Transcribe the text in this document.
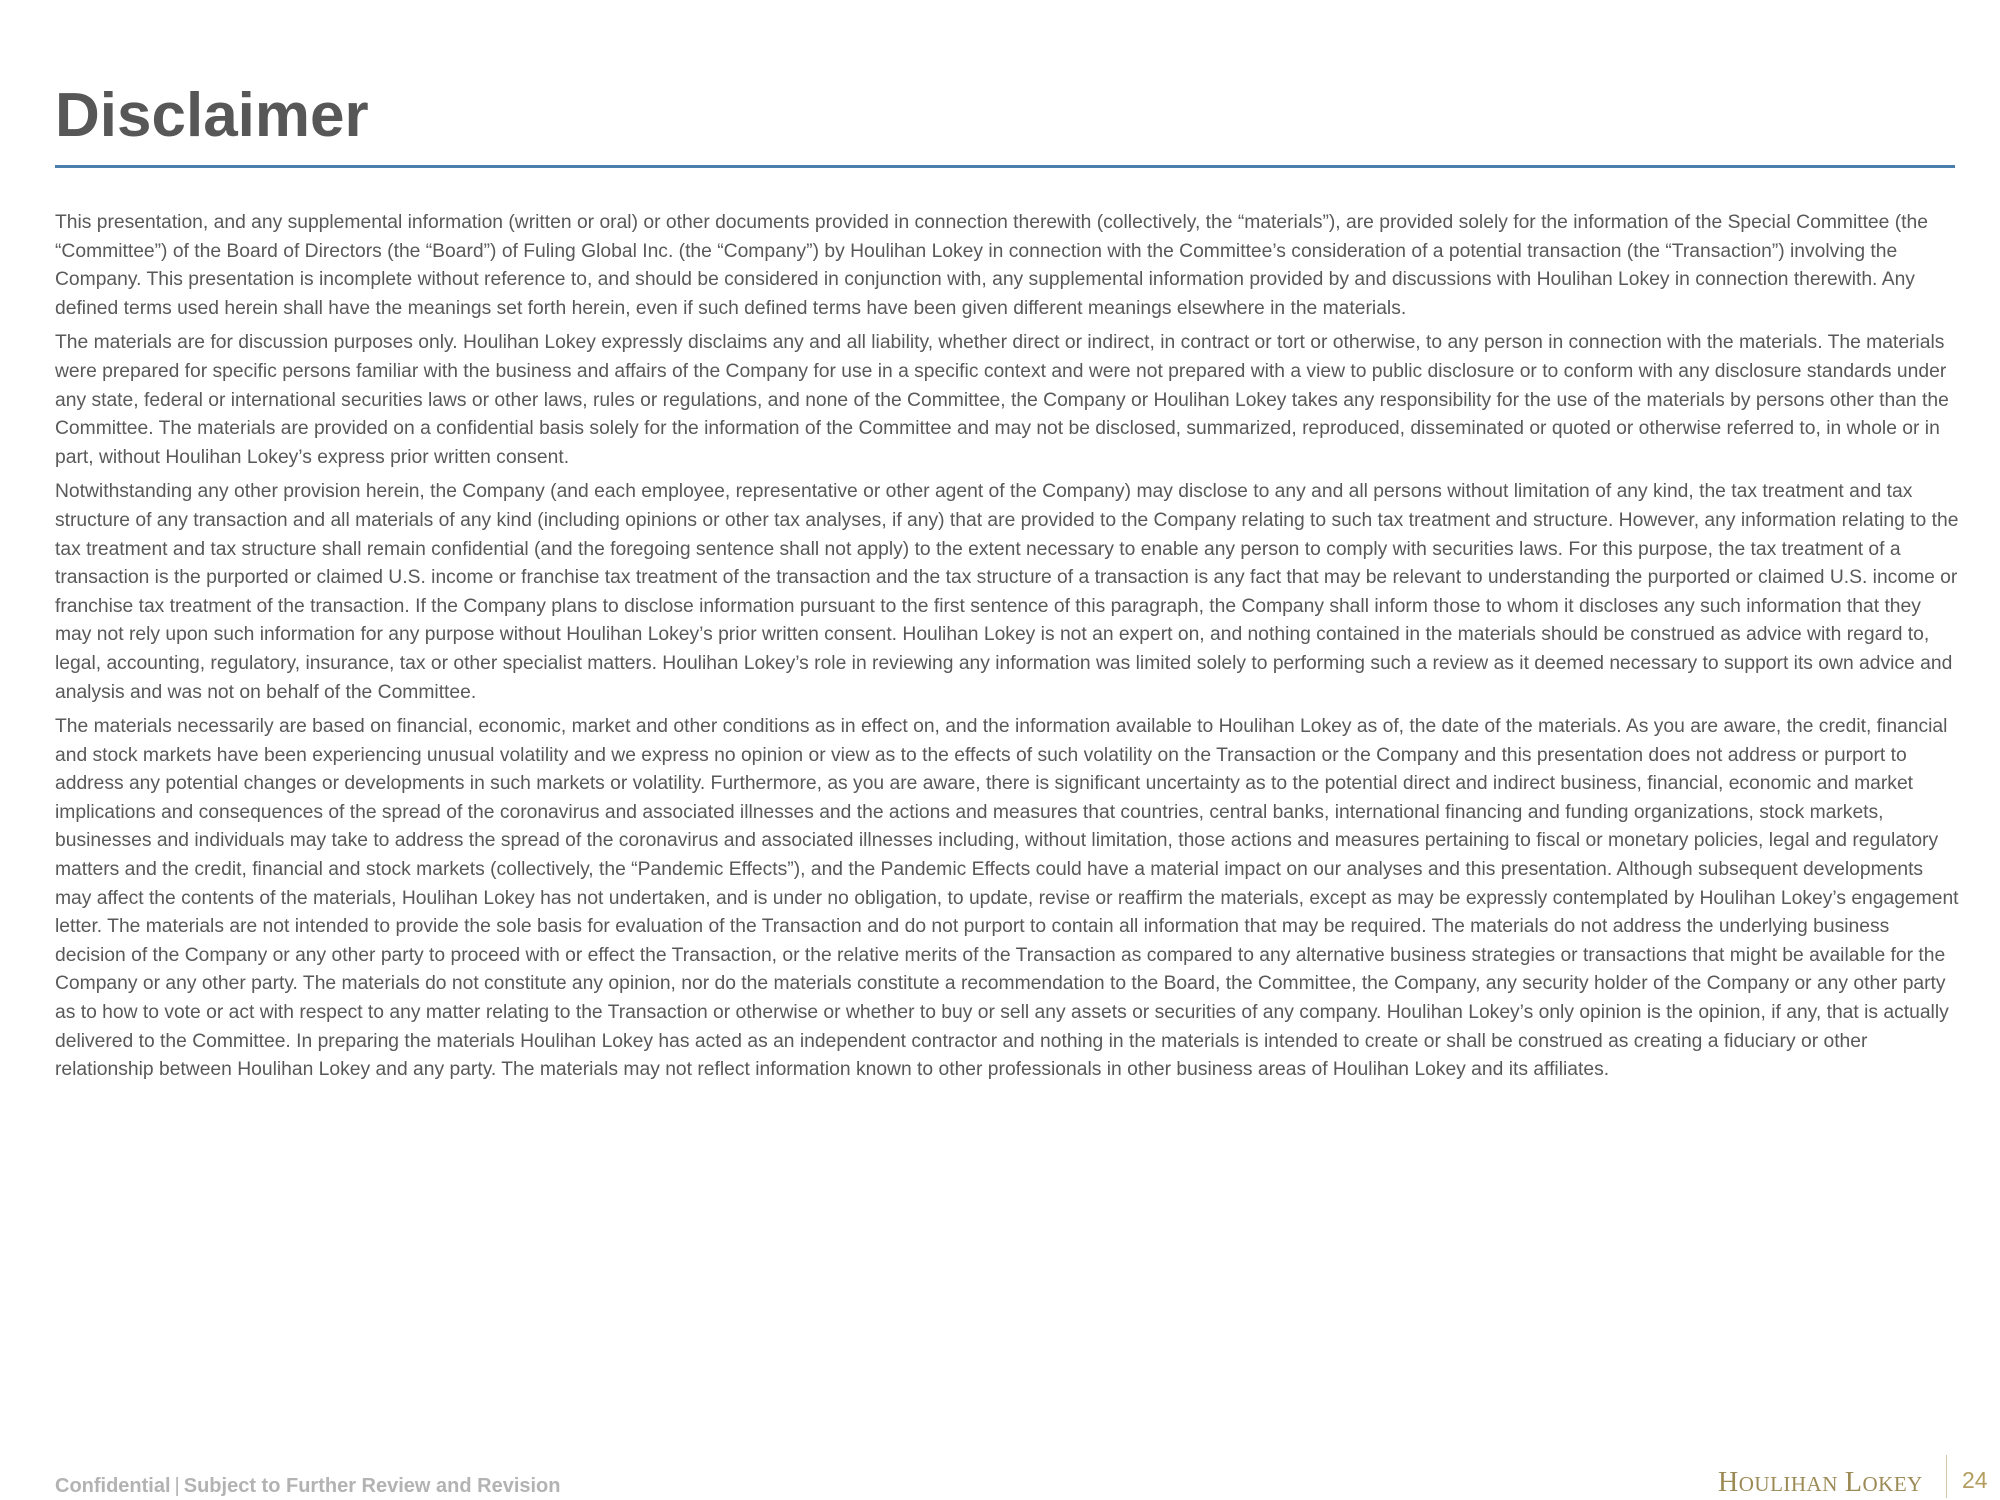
Disclaimer

This presentation, and any supplemental information (written or oral) or other documents provided in connection therewith (collectively, the “materials”), are provided solely for the information of the Special Committee (the “Committee”) of the Board of Directors (the “Board”) of Fuling Global Inc. (the “Company”) by Houlihan Lokey in connection with the Committee’s consideration of a potential transaction (the “Transaction”) involving the Company. This presentation is incomplete without reference to, and should be considered in conjunction with, any supplemental information provided by and discussions with Houlihan Lokey in connection therewith. Any defined terms used herein shall have the meanings set forth herein, even if such defined terms have been given different meanings elsewhere in the materials.

The materials are for discussion purposes only. Houlihan Lokey expressly disclaims any and all liability, whether direct or indirect, in contract or tort or otherwise, to any person in connection with the materials. The materials were prepared for specific persons familiar with the business and affairs of the Company for use in a specific context and were not prepared with a view to public disclosure or to conform with any disclosure standards under any state, federal or international securities laws or other laws, rules or regulations, and none of the Committee, the Company or Houlihan Lokey takes any responsibility for the use of the materials by persons other than the Committee. The materials are provided on a confidential basis solely for the information of the Committee and may not be disclosed, summarized, reproduced, disseminated or quoted or otherwise referred to, in whole or in part, without Houlihan Lokey’s express prior written consent.

Notwithstanding any other provision herein, the Company (and each employee, representative or other agent of the Company) may disclose to any and all persons without limitation of any kind, the tax treatment and tax structure of any transaction and all materials of any kind (including opinions or other tax analyses, if any) that are provided to the Company relating to such tax treatment and structure. However, any information relating to the tax treatment and tax structure shall remain confidential (and the foregoing sentence shall not apply) to the extent necessary to enable any person to comply with securities laws. For this purpose, the tax treatment of a transaction is the purported or claimed U.S. income or franchise tax treatment of the transaction and the tax structure of a transaction is any fact that may be relevant to understanding the purported or claimed U.S. income or franchise tax treatment of the transaction. If the Company plans to disclose information pursuant to the first sentence of this paragraph, the Company shall inform those to whom it discloses any such information that they may not rely upon such information for any purpose without Houlihan Lokey’s prior written consent. Houlihan Lokey is not an expert on, and nothing contained in the materials should be construed as advice with regard to, legal, accounting, regulatory, insurance, tax or other specialist matters. Houlihan Lokey’s role in reviewing any information was limited solely to performing such a review as it deemed necessary to support its own advice and analysis and was not on behalf of the Committee.

The materials necessarily are based on financial, economic, market and other conditions as in effect on, and the information available to Houlihan Lokey as of, the date of the materials. As you are aware, the credit, financial and stock markets have been experiencing unusual volatility and we express no opinion or view as to the effects of such volatility on the Transaction or the Company and this presentation does not address or purport to address any potential changes or developments in such markets or volatility. Furthermore, as you are aware, there is significant uncertainty as to the potential direct and indirect business, financial, economic and market implications and consequences of the spread of the coronavirus and associated illnesses and the actions and measures that countries, central banks, international financing and funding organizations, stock markets, businesses and individuals may take to address the spread of the coronavirus and associated illnesses including, without limitation, those actions and measures pertaining to fiscal or monetary policies, legal and regulatory matters and the credit, financial and stock markets (collectively, the “Pandemic Effects”), and the Pandemic Effects could have a material impact on our analyses and this presentation. Although subsequent developments may affect the contents of the materials, Houlihan Lokey has not undertaken, and is under no obligation, to update, revise or reaffirm the materials, except as may be expressly contemplated by Houlihan Lokey’s engagement letter. The materials are not intended to provide the sole basis for evaluation of the Transaction and do not purport to contain all information that may be required. The materials do not address the underlying business decision of the Company or any other party to proceed with or effect the Transaction, or the relative merits of the Transaction as compared to any alternative business strategies or transactions that might be available for the Company or any other party. The materials do not constitute any opinion, nor do the materials constitute a recommendation to the Board, the Committee, the Company, any security holder of the Company or any other party as to how to vote or act with respect to any matter relating to the Transaction or otherwise or whether to buy or sell any assets or securities of any company. Houlihan Lokey’s only opinion is the opinion, if any, that is actually delivered to the Committee. In preparing the materials Houlihan Lokey has acted as an independent contractor and nothing in the materials is intended to create or shall be construed as creating a fiduciary or other relationship between Houlihan Lokey and any party. The materials may not reflect information known to other professionals in other business areas of Houlihan Lokey and its affiliates.

Confidential | Subject to Further Review and Revision	HOULIHAN LOKEY 24
